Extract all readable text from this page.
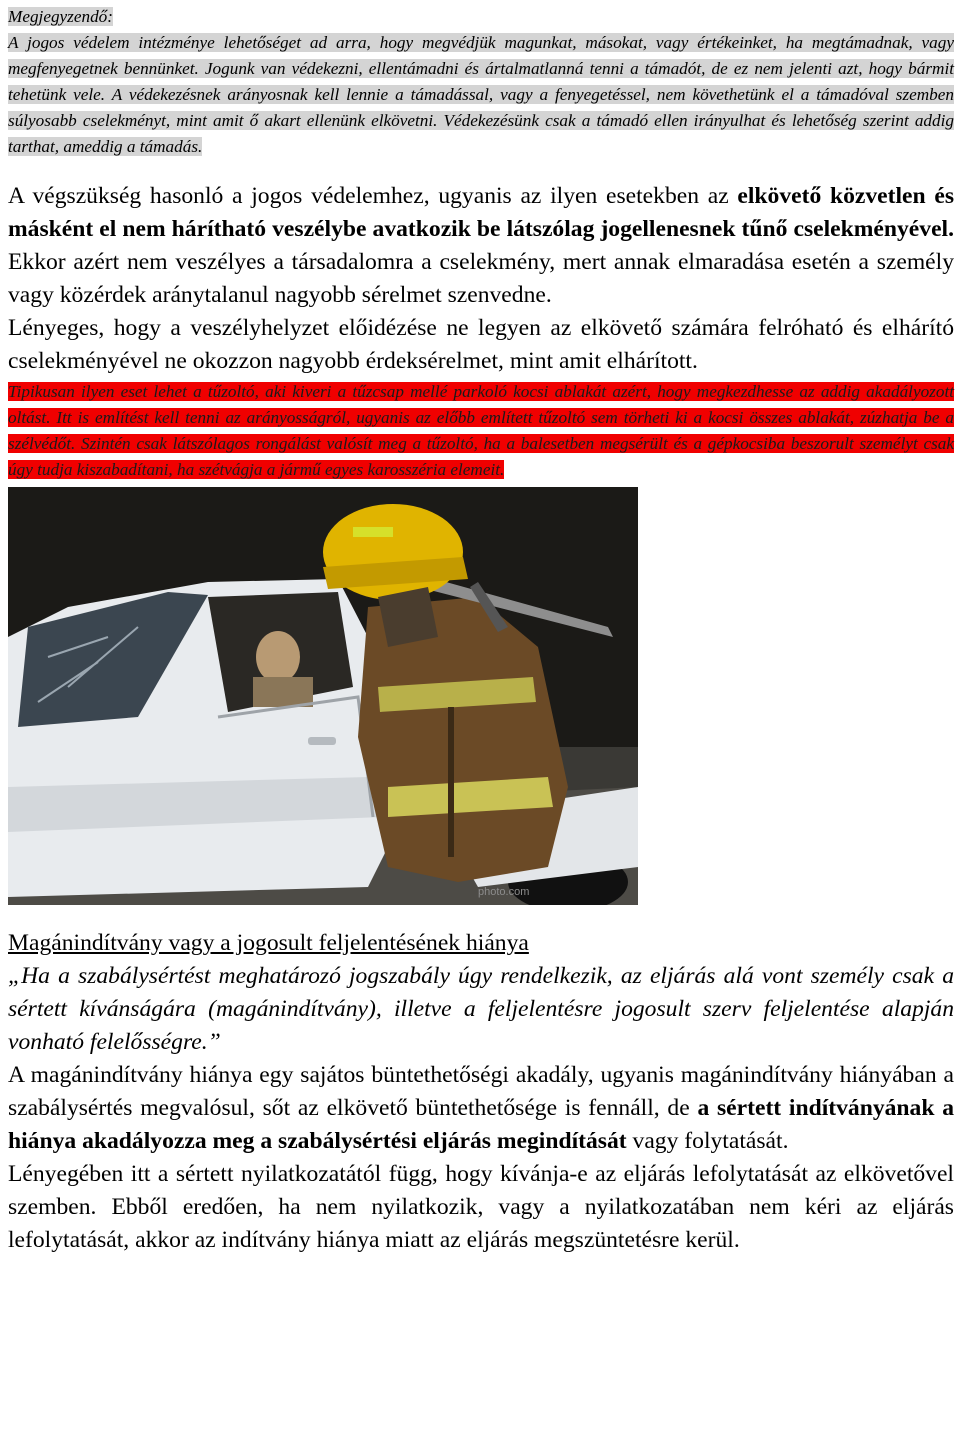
Megjegyzendő:
A jogos védelem intézménye lehetőséget ad arra, hogy megvédjük magunkat, másokat, vagy értékeinket, ha megtámadnak, vagy megfenyegetnek bennünket. Jogunk van védekezni, ellentámadni és ártalmatlanná tenni a támadót, de ez nem jelenti azt, hogy bármit tehetünk vele. A védekezésnek arányosnak kell lennie a támadással, vagy a fenyegetéssel, nem követhetünk el a támadóval szemben súlyosabb cselekményt, mint amit ő akart ellenünk elkövetni. Védekezésünk csak a támadó ellen irányulhat és lehetőség szerint addig tarthat, ameddig a támadás.

A végszükség hasonló a jogos védelemhez, ugyanis az ilyen esetekben az elkövető közvetlen és másként el nem hárítható veszélybe avatkozik be látszólag jogellenesnek tűnő cselekményével. Ekkor azért nem veszélyes a társadalomra a cselekmény, mert annak elmaradása esetén a személy vagy közérdek aránytalanul nagyobb sérelmet szenvedne.

Lényeges, hogy a veszélyhelyzet előidézése ne legyen az elkövető számára felróható és elhárító cselekményével ne okozzon nagyobb érdeksérelmet, mint amit elhárított.

Tipikusan ilyen eset lehet a tűzoltó, aki kiveri a tűzcsap mellé parkoló kocsi ablakát azért, hogy megkezdhesse az addig akadályozott oltást. Itt is említést kell tenni az arányosságról, ugyanis az előbb említett tűzoltó sem törheti ki a kocsi összes ablakát, zúzhatja be a szélvédőt. Szintén csak látszólagos rongálást valósít meg a tűzoltó, ha a balesetben megsérült és a gépkocsiba beszorult személyt csak úgy tudja kiszabadítani, ha szétvágja a jármű egyes karosszéria elemeit.
photo.com
Magánindítvány vagy a jogosult feljelentésének hiánya
„Ha a szabálysértést meghatározó jogszabály úgy rendelkezik, az eljárás alá vont személy csak a sértett kívánságára (magánindítvány), illetve a feljelentésre jogosult szerv feljelentése alapján vonható felelősségre.”
A magánindítvány hiánya egy sajátos büntethetőségi akadály, ugyanis magánindítvány hiányában a szabálysértés megvalósul, sőt az elkövető büntethetősége is fennáll, de a sértett indítványának a hiánya akadályozza meg a szabálysértési eljárás megindítását vagy folytatását.
Lényegében itt a sértett nyilatkozatától függ, hogy kívánja-e az eljárás lefolytatását az elkövetővel szemben. Ebből eredően, ha nem nyilatkozik, vagy a nyilatkozatában nem kéri az eljárás lefolytatását, akkor az indítvány hiánya miatt az eljárás megszüntetésre kerül.
